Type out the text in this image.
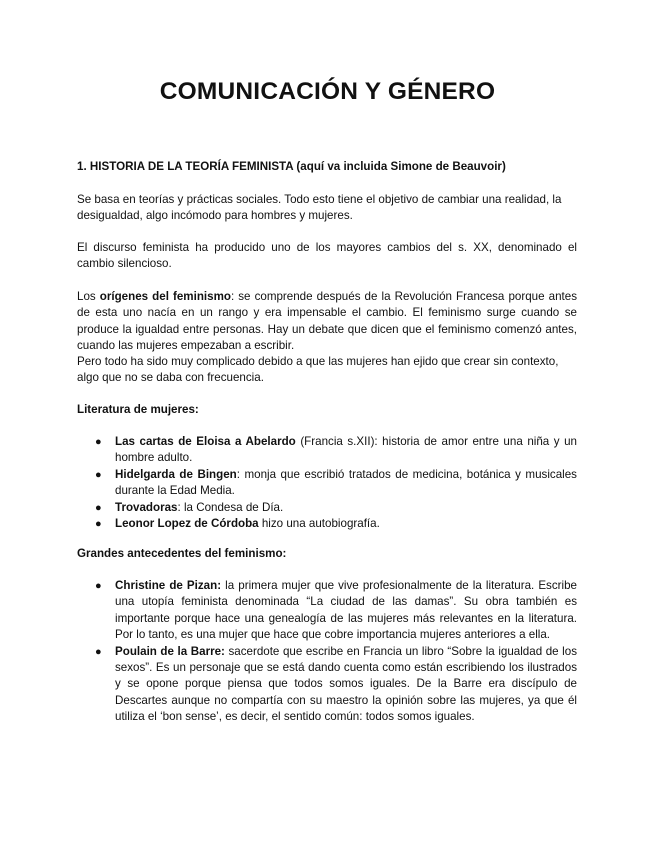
COMUNICACIÓN Y GÉNERO

1. HISTORIA DE LA TEORÍA FEMINISTA (aquí va incluida Simone de Beauvoir)

Se basa en teorías y prácticas sociales. Todo esto tiene el objetivo de cambiar una realidad, la desigualdad, algo incómodo para hombres y mujeres.

El discurso feminista ha producido uno de los mayores cambios del s. XX, denominado el cambio silencioso.

Los orígenes del feminismo: se comprende después de la Revolución Francesa porque antes de esta uno nacía en un rango y era impensable el cambio. El feminismo surge cuando se produce la igualdad entre personas. Hay un debate que dicen que el feminismo comenzó antes, cuando las mujeres empezaban a escribir.

Pero todo ha sido muy complicado debido a que las mujeres han ejido que crear sin contexto, algo que no se daba con frecuencia.

Literatura de mujeres:

● Las cartas de Eloisa a Abelardo (Francia s.XII): historia de amor entre una niña y un hombre adulto.
● Hidelgarda de Bingen: monja que escribió tratados de medicina, botánica y musicales durante la Edad Media.
● Trovadoras: la Condesa de Día.
● Leonor Lopez de Córdoba hizo una autobiografía.

Grandes antecedentes del feminismo:

● Christine de Pizan: la primera mujer que vive profesionalmente de la literatura. Escribe una utopía feminista denominada “La ciudad de las damas”. Su obra también es importante porque hace una genealogía de las mujeres más relevantes en la literatura. Por lo tanto, es una mujer que hace que cobre importancia mujeres anteriores a ella.
● Poulain de la Barre: sacerdote que escribe en Francia un libro “Sobre la igualdad de los sexos”. Es un personaje que se está dando cuenta como están escribiendo los ilustrados y se opone porque piensa que todos somos iguales. De la Barre era discípulo de Descartes aunque no compartía con su maestro la opinión sobre las mujeres, ya que él utiliza el ‘bon sense’, es decir, el sentido común: todos somos iguales.
